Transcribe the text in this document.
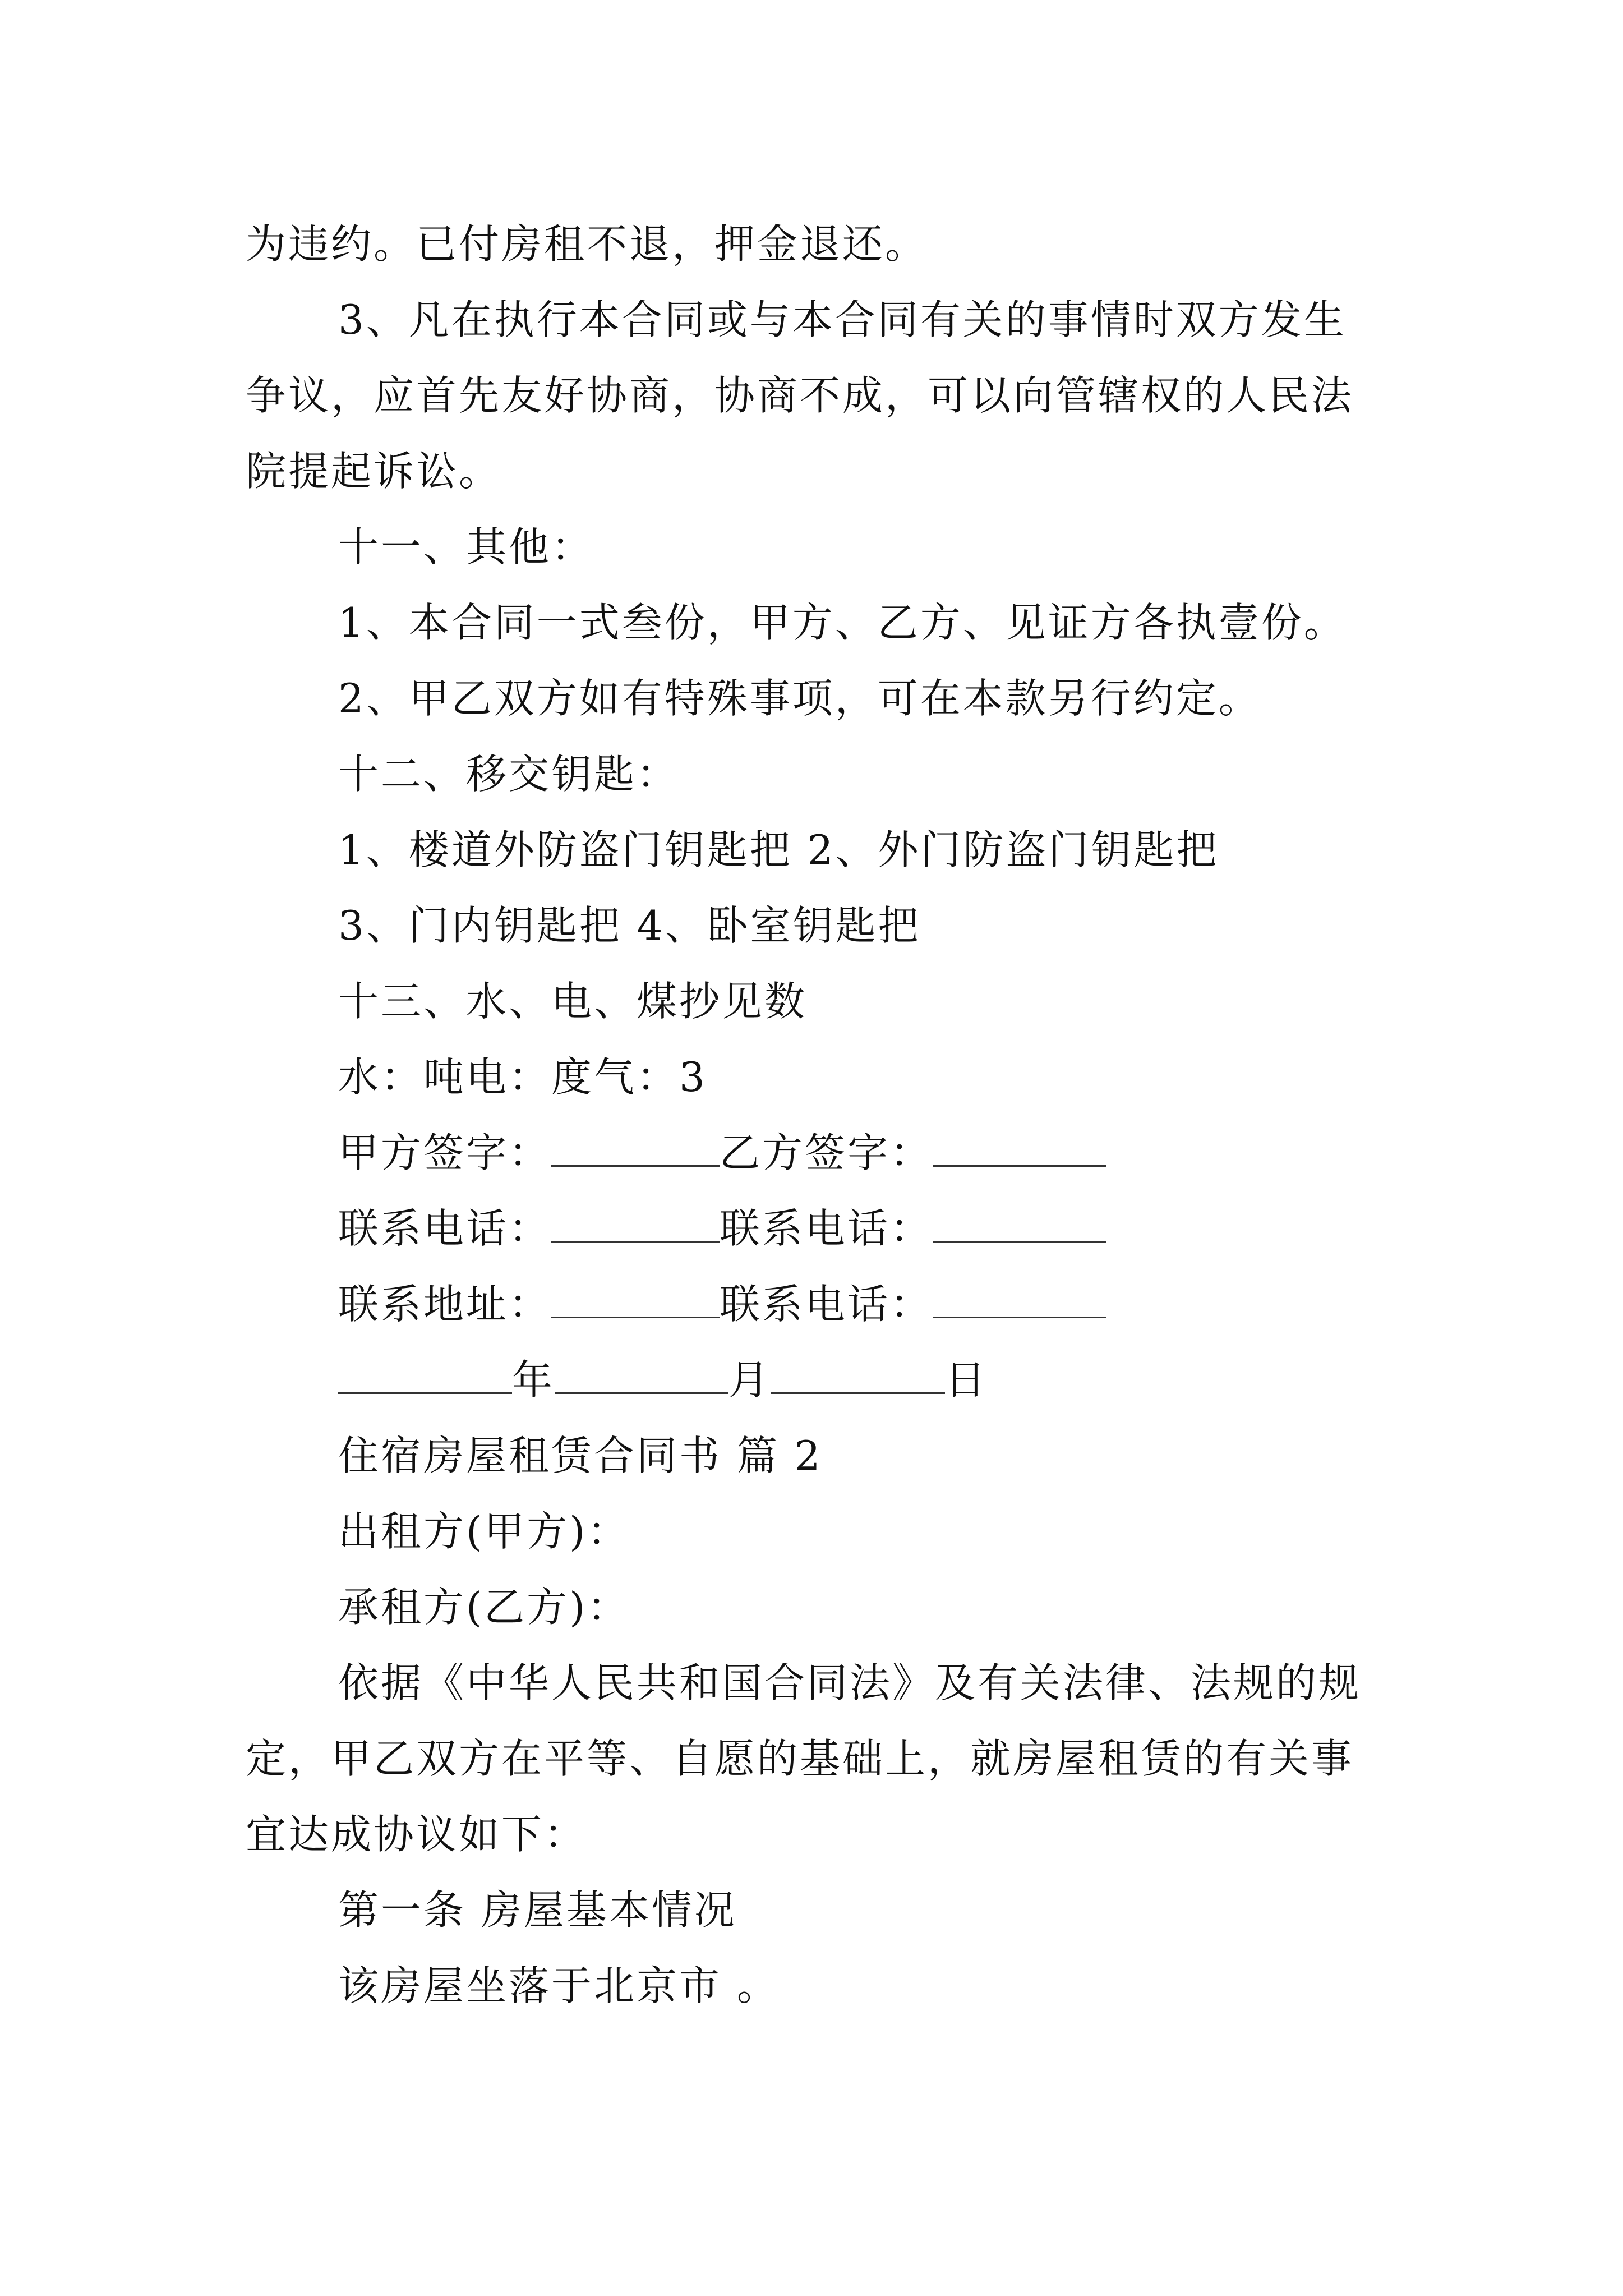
为违约。已付房租不退，押金退还。
3、凡在执行本合同或与本合同有关的事情时双方发生
争议，应首先友好协商，协商不成，可以向管辖权的人民法
院提起诉讼。
十一、其他：
1、本合同一式叁份，甲方、乙方、见证方各执壹份。
2、甲乙双方如有特殊事项，可在本款另行约定。
十二、移交钥匙：
1、楼道外防盗门钥匙把 2、外门防盗门钥匙把
3、门内钥匙把 4、卧室钥匙把
十三、水、电、煤抄见数
水：吨电：度气：3
甲方签字：	乙方签字：
联系电话：	联系电话：
联系地址：	联系电话：
年	月	日
住宿房屋租赁合同书 篇 2
出租方(甲方)：
承租方(乙方)：
依据《中华人民共和国合同法》及有关法律、法规的规
定，甲乙双方在平等、自愿的基础上，就房屋租赁的有关事
宜达成协议如下：
第一条 房屋基本情况
该房屋坐落于北京市 。
